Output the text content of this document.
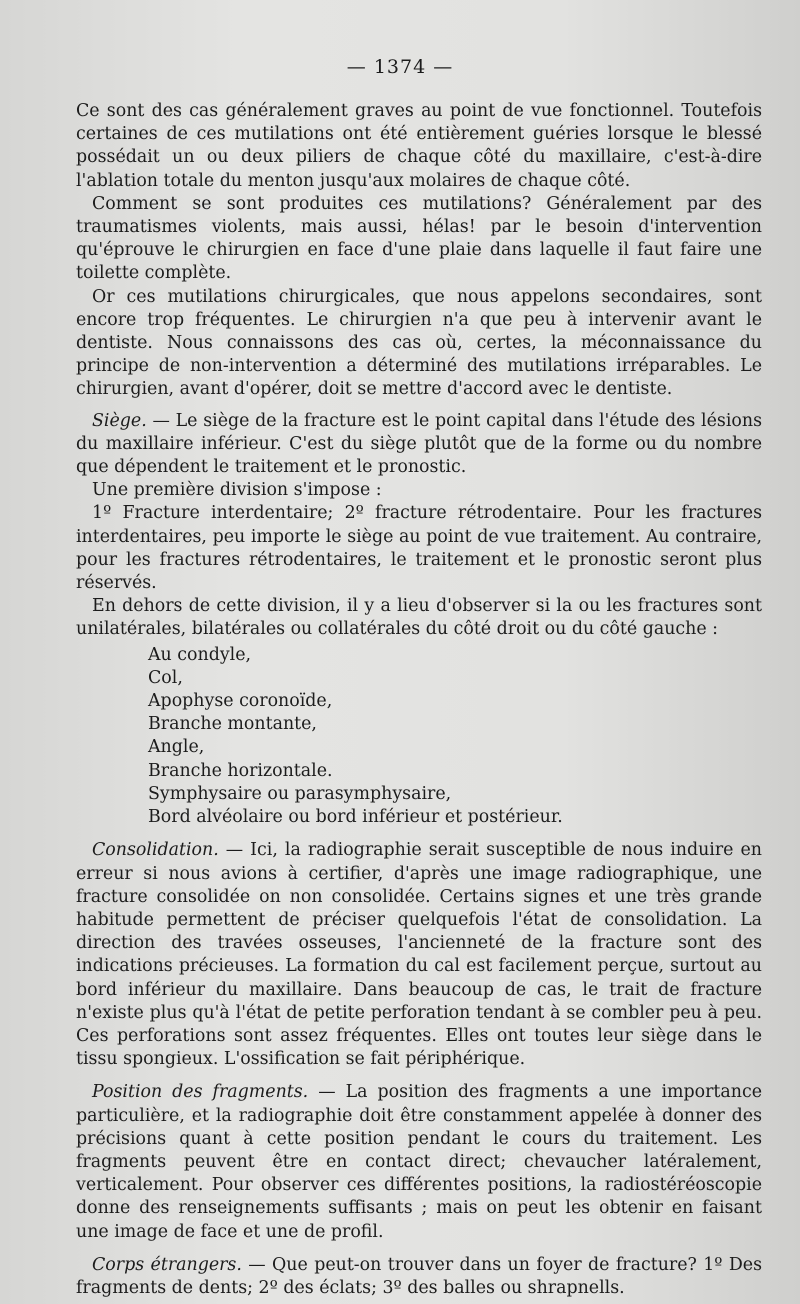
— 1374 —

Ce sont des cas généralement graves au point de vue fonctionnel. Toutefois certaines de ces mutilations ont été entièrement guéries lorsque le blessé possédait un ou deux piliers de chaque côté du maxillaire, c'est-à-dire l'ablation totale du menton jusqu'aux molaires de chaque côté.

Comment se sont produites ces mutilations? Généralement par des traumatismes violents, mais aussi, hélas! par le besoin d'intervention qu'éprouve le chirurgien en face d'une plaie dans laquelle il faut faire une toilette complète.

Or ces mutilations chirurgicales, que nous appelons secondaires, sont encore trop fréquentes. Le chirurgien n'a que peu à intervenir avant le dentiste. Nous connaissons des cas où, certes, la méconnaissance du principe de non-intervention a déterminé des mutilations irréparables. Le chirurgien, avant d'opérer, doit se mettre d'accord avec le dentiste.

Siège. — Le siège de la fracture est le point capital dans l'étude des lésions du maxillaire inférieur. C'est du siège plutôt que de la forme ou du nombre que dépendent le traitement et le pronostic.

Une première division s'impose :

1º Fracture interdentaire; 2º fracture rétrodentaire. Pour les fractures interdentaires, peu importe le siège au point de vue traitement. Au contraire, pour les fractures rétrodentaires, le traitement et le pronostic seront plus réservés.

En dehors de cette division, il y a lieu d'observer si la ou les fractures sont unilatérales, bilatérales ou collatérales du côté droit ou du côté gauche :

Au condyle,
Col,
Apophyse coronoïde,
Branche montante,
Angle,
Branche horizontale.
Symphysaire ou parasymphysaire,
Bord alvéolaire ou bord inférieur et postérieur.

Consolidation. — Ici, la radiographie serait susceptible de nous induire en erreur si nous avions à certifier, d'après une image radiographique, une fracture consolidée on non consolidée. Certains signes et une très grande habitude permettent de préciser quelquefois l'état de consolidation. La direction des travées osseuses, l'ancienneté de la fracture sont des indications précieuses. La formation du cal est facilement perçue, surtout au bord inférieur du maxillaire. Dans beaucoup de cas, le trait de fracture n'existe plus qu'à l'état de petite perforation tendant à se combler peu à peu. Ces perforations sont assez fréquentes. Elles ont toutes leur siège dans le tissu spongieux. L'ossification se fait périphérique.

Position des fragments. — La position des fragments a une importance particulière, et la radiographie doit être constamment appelée à donner des précisions quant à cette position pendant le cours du traitement. Les fragments peuvent être en contact direct; chevaucher latéralement, verticalement. Pour observer ces différentes positions, la radiostéréoscopie donne des renseignements suffisants ; mais on peut les obtenir en faisant une image de face et une de profil.

Corps étrangers. — Que peut-on trouver dans un foyer de fracture? 1º Des fragments de dents; 2º des éclats; 3º des balles ou shrapnells.
